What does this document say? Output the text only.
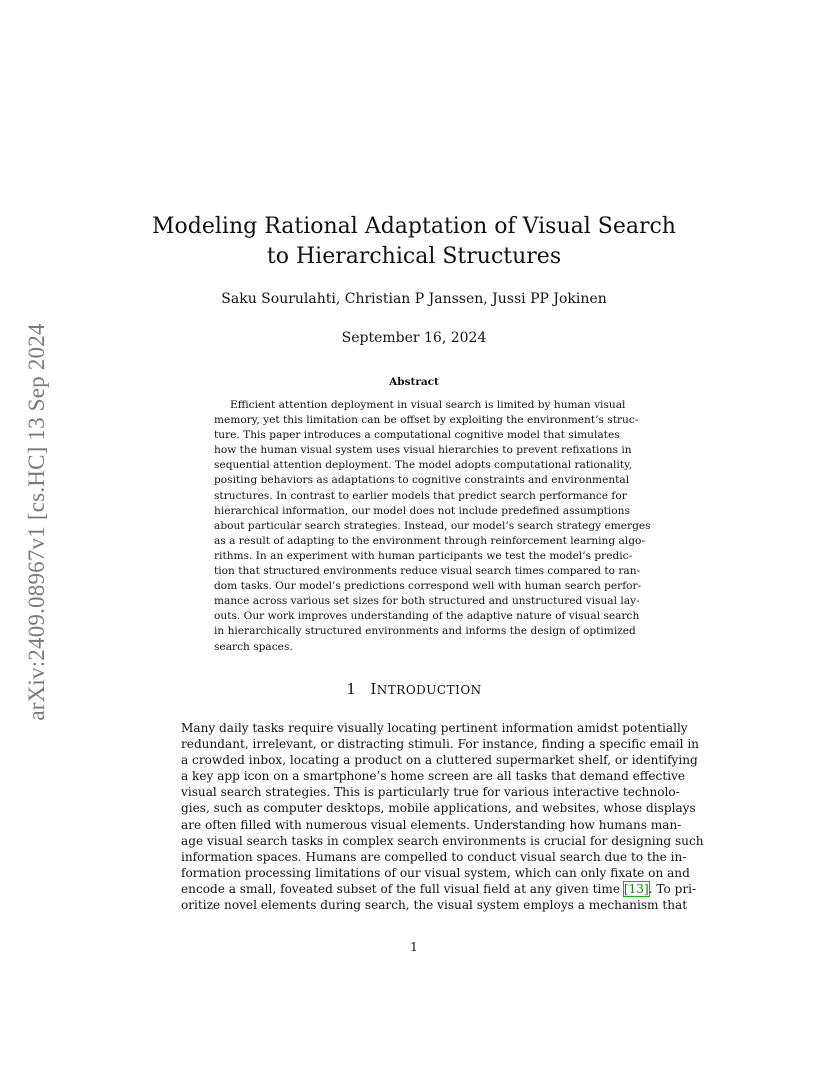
arXiv:2409.08967v1 [cs.HC] 13 Sep 2024
Modeling Rational Adaptation of Visual Search
to Hierarchical Structures
Saku Sourulahti, Christian P Janssen, Jussi PP Jokinen
September 16, 2024
Abstract
Efficient attention deployment in visual search is limited by human visual
memory, yet this limitation can be offset by exploiting the environment’s struc-
ture. This paper introduces a computational cognitive model that simulates
how the human visual system uses visual hierarchies to prevent refixations in
sequential attention deployment. The model adopts computational rationality,
positing behaviors as adaptations to cognitive constraints and environmental
structures. In contrast to earlier models that predict search performance for
hierarchical information, our model does not include predefined assumptions
about particular search strategies. Instead, our model’s search strategy emerges
as a result of adapting to the environment through reinforcement learning algo-
rithms. In an experiment with human participants we test the model’s predic-
tion that structured environments reduce visual search times compared to ran-
dom tasks. Our model’s predictions correspond well with human search perfor-
mance across various set sizes for both structured and unstructured visual lay-
outs. Our work improves understanding of the adaptive nature of visual search
in hierarchically structured environments and informs the design of optimized
search spaces.
1 INTRODUCTION
Many daily tasks require visually locating pertinent information amidst potentially
redundant, irrelevant, or distracting stimuli. For instance, finding a specific email in
a crowded inbox, locating a product on a cluttered supermarket shelf, or identifying
a key app icon on a smartphone’s home screen are all tasks that demand effective
visual search strategies. This is particularly true for various interactive technolo-
gies, such as computer desktops, mobile applications, and websites, whose displays
are often filled with numerous visual elements. Understanding how humans man-
age visual search tasks in complex search environments is crucial for designing such
information spaces. Humans are compelled to conduct visual search due to the in-
formation processing limitations of our visual system, which can only fixate on and
encode a small, foveated subset of the full visual field at any given time [13]. To pri-
oritize novel elements during search, the visual system employs a mechanism that
1
